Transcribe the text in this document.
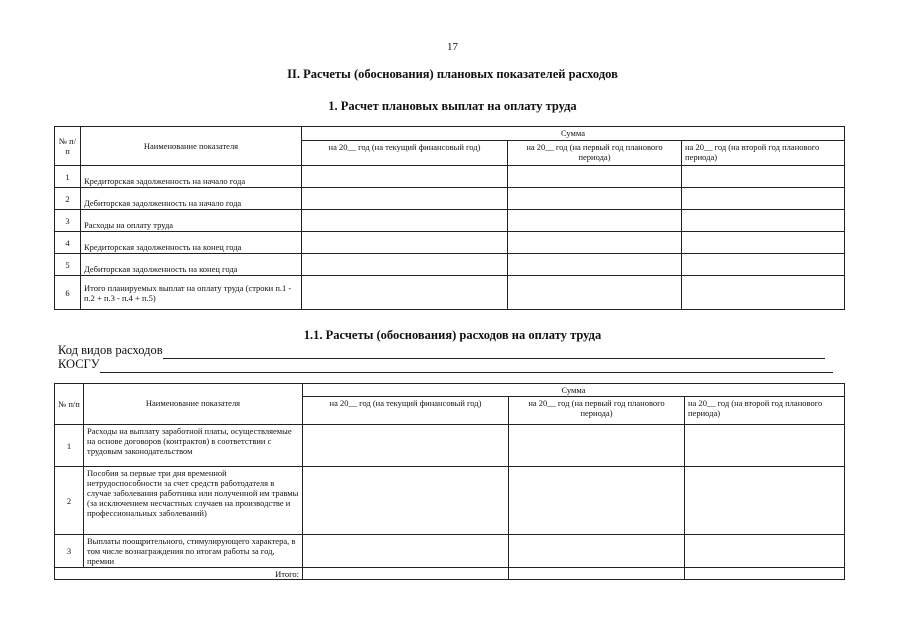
17
II. Расчеты (обоснования) плановых показателей расходов
1. Расчет плановых выплат на оплату труда
№ п/п	Наименование показателя	Сумма		
		на 20__ год (на текущий финансовый год)	на 20__ год (на первый год планового периода)	на 20__ год (на второй год планового периода)
1	Кредиторская задолженность на начало года			
2	Дебиторская задолженность на начало года			
3	Расходы на оплату труда			
4	Кредиторская задолженность на конец года			
5	Дебиторская задолженность на конец года			
6	Итого планируемых выплат на оплату труда (строки п.1 - п.2 + п.3 - п.4 + п.5)			
1.1. Расчеты (обоснования) расходов на оплату труда
Код видов расходов
КОСГУ
№ п/п	Наименование показателя	Сумма		
		на 20__ год (на текущий финансовый год)	на 20__ год (на первый год планового периода)	на 20__ год (на второй год планового периода)
1	Расходы на выплату заработной платы, осуществляемые на основе договоров (контрактов) в соответствии с трудовым законодательством			
2	Пособия за первые три дня временной нетрудоспособности за счет средств работодателя в случае заболевания работника или полученной им травмы (за исключением несчастных случаев на производстве и профессиональных заболеваний)			
3	Выплаты поощрительного, стимулирующего характера, в том числе вознаграждения по итогам работы за год, премии			
Итого:				
